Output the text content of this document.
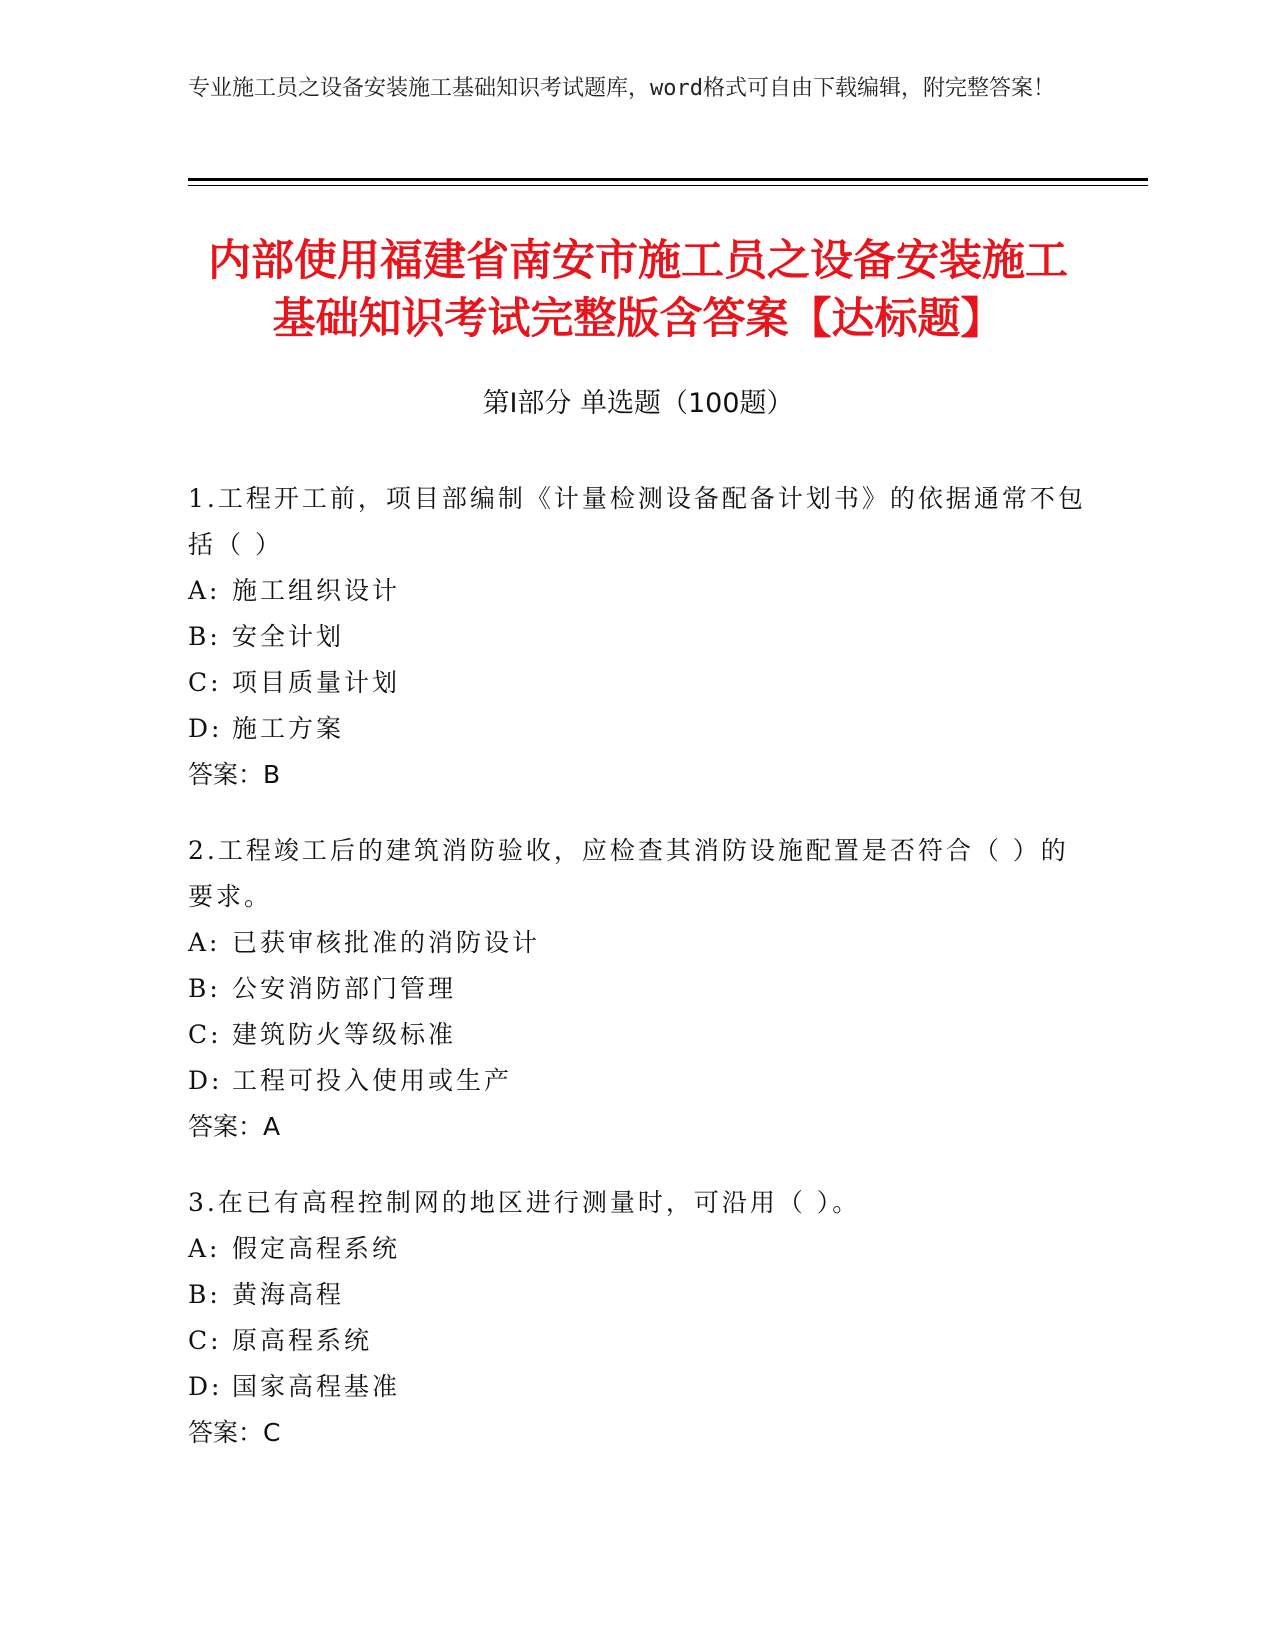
专业施工员之设备安装施工基础知识考试题库，word格式可自由下载编辑，附完整答案！
内部使用福建省南安市施工员之设备安装施工基础知识考试完整版含答案【达标题】
第I部分 单选题（100题）
1.工程开工前，项目部编制《计量检测设备配备计划书》的依据通常不包括（ ）
A: 施工组织设计
B: 安全计划
C: 项目质量计划
D: 施工方案
答案：B
2.工程竣工后的建筑消防验收，应检查其消防设施配置是否符合（ ）的要求。
A: 已获审核批准的消防设计
B: 公安消防部门管理
C: 建筑防火等级标准
D: 工程可投入使用或生产
答案：A
3.在已有高程控制网的地区进行测量时，可沿用（ ）。
A: 假定高程系统
B: 黄海高程
C: 原高程系统
D: 国家高程基准
答案：C
